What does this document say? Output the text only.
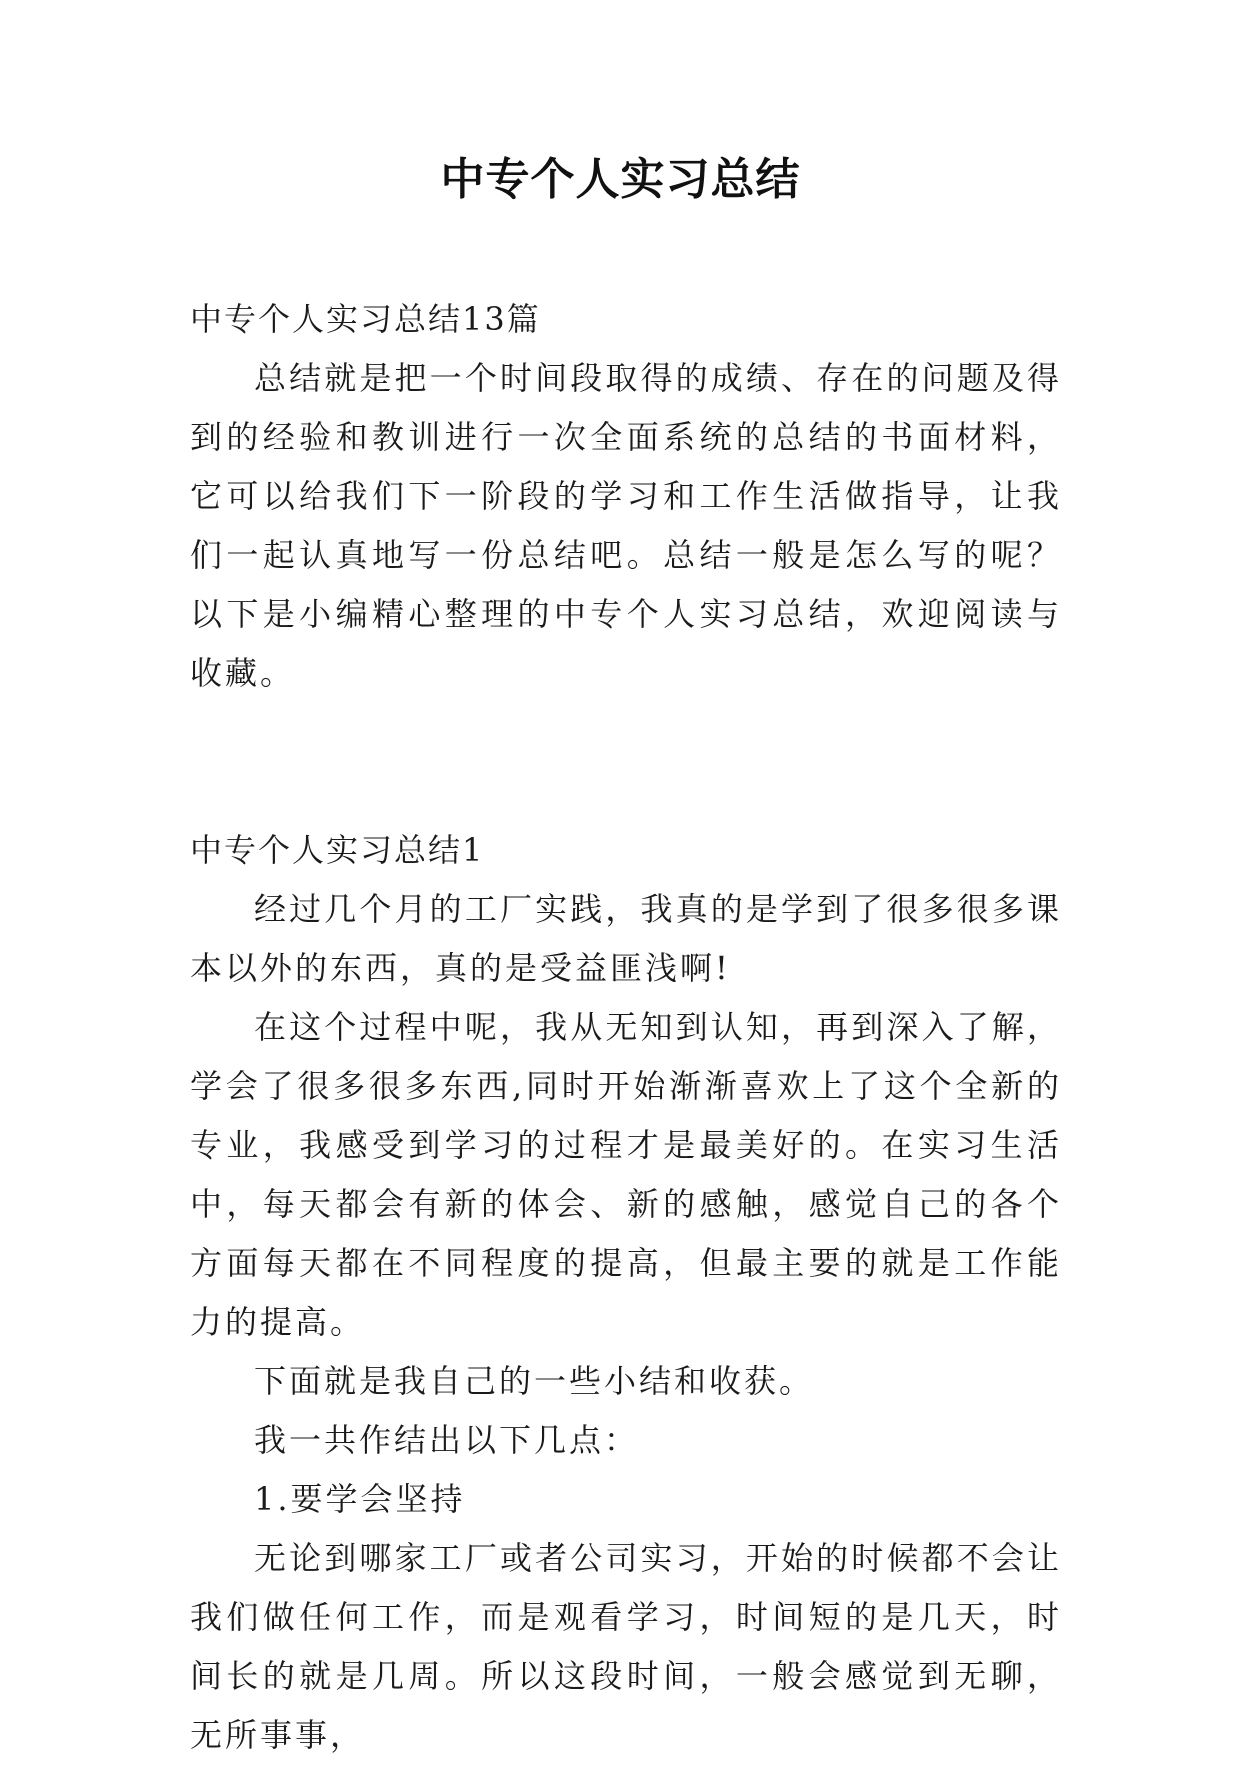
中专个人实习总结

中专个人实习总结13篇

总结就是把一个时间段取得的成绩、存在的问题及得到的经验和教训进行一次全面系统的总结的书面材料，它可以给我们下一阶段的学习和工作生活做指导，让我们一起认真地写一份总结吧。总结一般是怎么写的呢？以下是小编精心整理的中专个人实习总结，欢迎阅读与收藏。

中专个人实习总结1

经过几个月的工厂实践，我真的是学到了很多很多课本以外的东西，真的是受益匪浅啊!

在这个过程中呢，我从无知到认知，再到深入了解，学会了很多很多东西,同时开始渐渐喜欢上了这个全新的专业，我感受到学习的过程才是最美好的。在实习生活中，每天都会有新的体会、新的感触，感觉自己的各个方面每天都在不同程度的提高，但最主要的就是工作能力的提高。

下面就是我自己的一些小结和收获。

我一共作结出以下几点：

1.要学会坚持

无论到哪家工厂或者公司实习，开始的时候都不会让我们做任何工作，而是观看学习，时间短的是几天，时间长的就是几周。所以这段时间，一般会感觉到无聊，无所事事，
